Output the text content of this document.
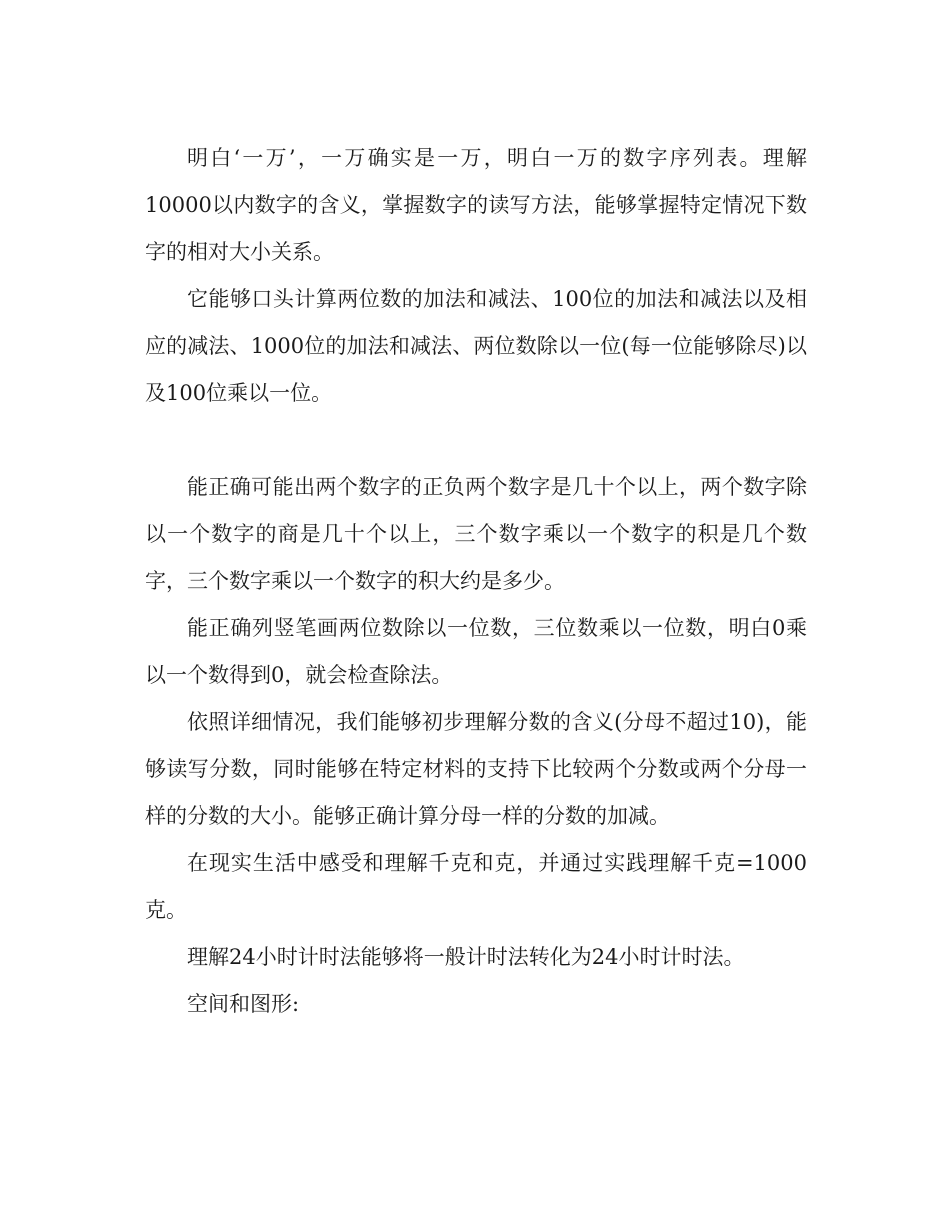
明白‘一万’，一万确实是一万，明白一万的数字序列表。理解10000以内数字的含义，掌握数字的读写方法，能够掌握特定情况下数字的相对大小关系。

它能够口头计算两位数的加法和减法、100位的加法和减法以及相应的减法、1000位的加法和减法、两位数除以一位(每一位能够除尽)以及100位乘以一位。

能正确可能出两个数字的正负两个数字是几十个以上，两个数字除以一个数字的商是几十个以上，三个数字乘以一个数字的积是几个数字，三个数字乘以一个数字的积大约是多少。

能正确列竖笔画两位数除以一位数，三位数乘以一位数，明白0乘以一个数得到0，就会检查除法。

依照详细情况，我们能够初步理解分数的含义(分母不超过10)，能够读写分数，同时能够在特定材料的支持下比较两个分数或两个分母一样的分数的大小。能够正确计算分母一样的分数的加减。

在现实生活中感受和理解千克和克，并通过实践理解千克=1000克。

理解24小时计时法能够将一般计时法转化为24小时计时法。

空间和图形:
